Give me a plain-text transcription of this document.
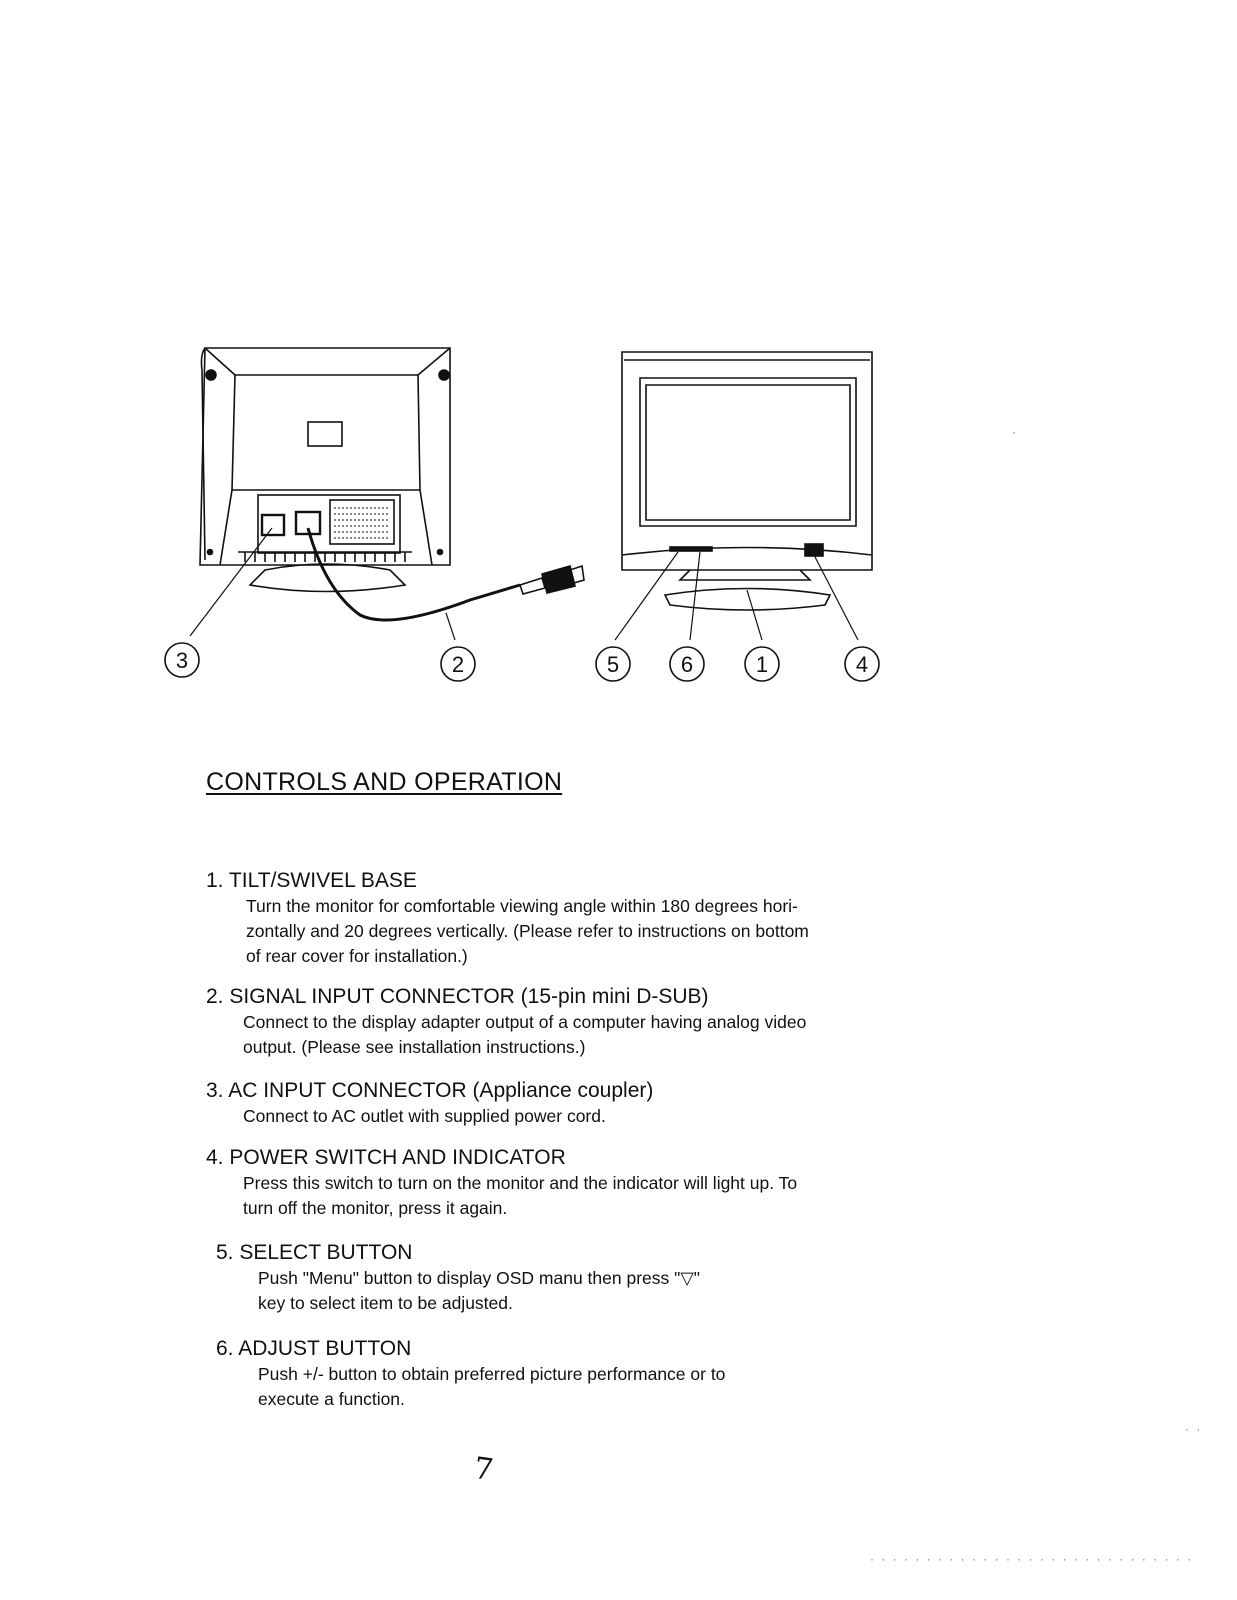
3	2	5	6	1	4
CONTROLS AND OPERATION

1. TILT/SWIVEL BASE

Turn the monitor for comfortable viewing angle within 180 degrees hori-

zontally and 20 degrees vertically. (Please refer to instructions on bottom

of rear cover for installation.)

2. SIGNAL INPUT CONNECTOR (15-pin mini D-SUB)

Connect to the display adapter output of a computer having analog video

output. (Please see installation instructions.)

3. AC INPUT CONNECTOR (Appliance coupler)

Connect to AC outlet with supplied power cord.

4. POWER SWITCH AND INDICATOR

Press this switch to turn on the monitor and the indicator will light up. To

turn off the monitor, press it again.

5. SELECT BUTTON

Push "Menu" button to display OSD manu then press "▽"

key to select item to be adjusted.

6. ADJUST BUTTON

Push +/- button to obtain preferred picture performance or to

execute a function.

7
· ·
·
· · · · · · · · · · · · · · · · · · · · · · · · · · · · ·
